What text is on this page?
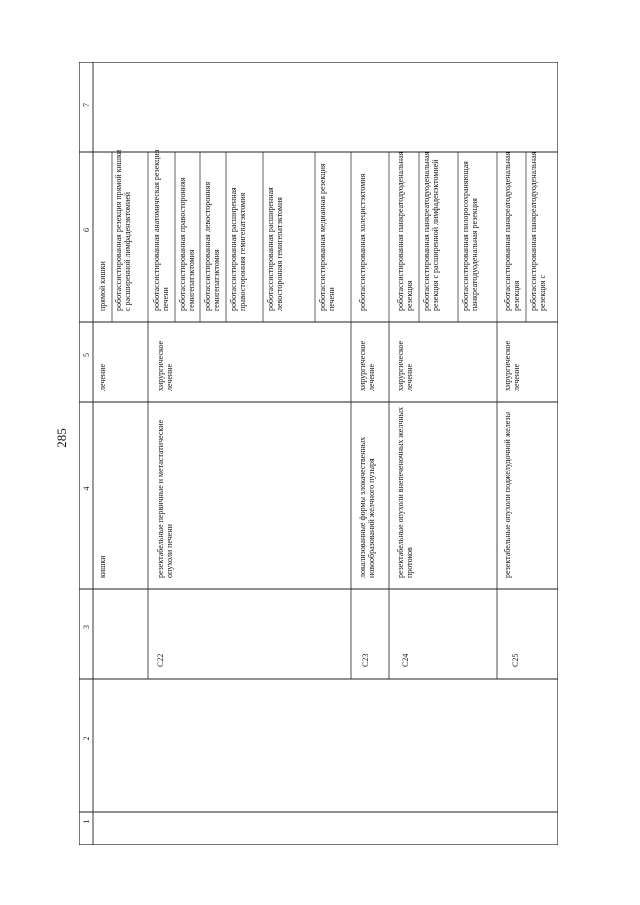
285
1
2
3
4
5
6
7
кишки
лечение
прямой кишки роботассистированная резекция прямой кишки с расширенной лимфаденэктомией
C22
резектабельные первичные и метастатические опухоли печени
хирургическое лечение
роботассистированная анатомическая резекция печени роботассистированная правосторонняя гемигепатэктомия роботассистированная левосторонняя гемигепатэктомия роботассистированная расширенная правосторонняя гемигепатэктомия роботассистированная расширенная левосторонняя гемигепатэктомия	роботассистированная медианная резекция печени
C23
локализованные формы злокачественных новообразований желчного пузыря
хирургическое лечение
роботассистированная холецистэктомия
C24
резектабельные опухоли внепеченочных желчных протоков
хирургическое лечение
роботассистированная панкреатодуоденальная резекция роботассистированная панкреатодуоденальная резекция с расширенной лимфаденэктомией	роботассистированная пилоросохраняющая панкреатодуоденальная резекция
C25
резектабельные опухоли поджелудочной железы
хирургическое лечение
роботассистированная панкреатодуоденальная резекция роботассистированная панкреатодуоденальная резекция с
